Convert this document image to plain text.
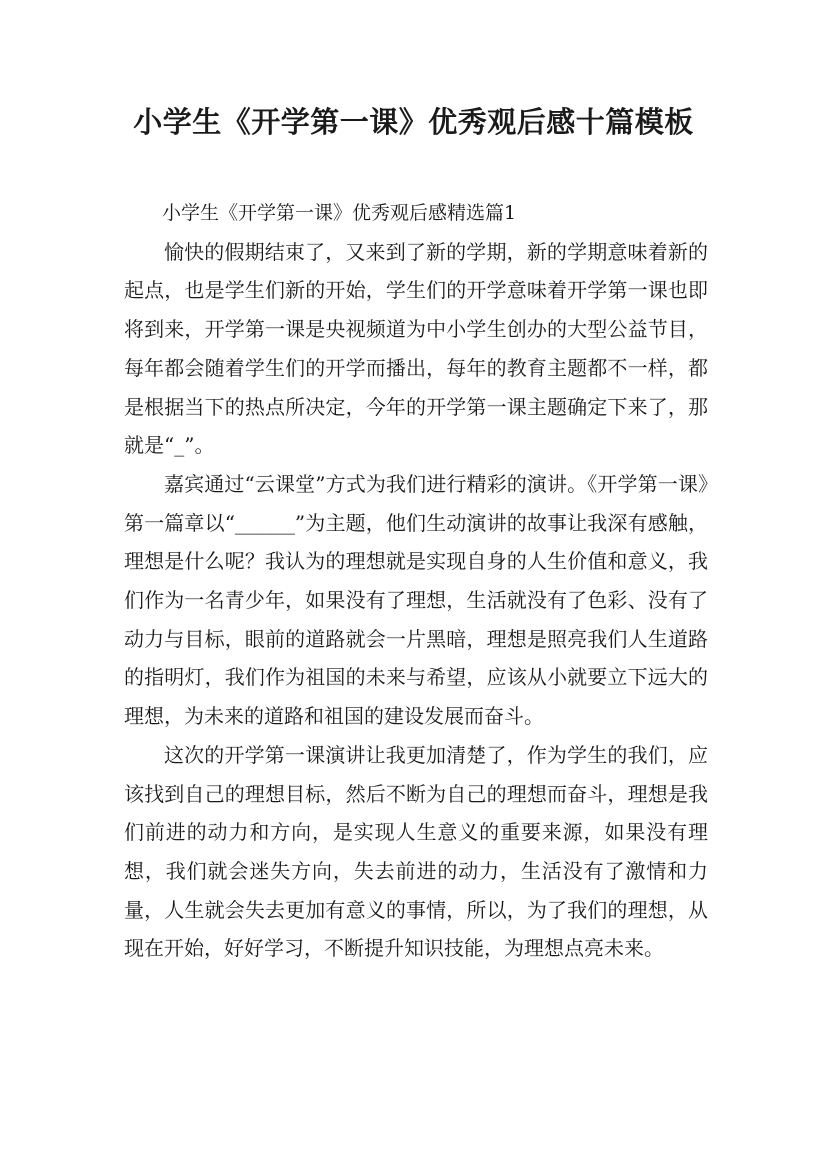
小学生《开学第一课》优秀观后感十篇模板

小学生《开学第一课》优秀观后感精选篇1

愉快的假期结束了，又来到了新的学期，新的学期意味着新的起点，也是学生们新的开始，学生们的开学意味着开学第一课也即将到来，开学第一课是央视频道为中小学生创办的大型公益节目，每年都会随着学生们的开学而播出，每年的教育主题都不一样，都是根据当下的热点所决定，今年的开学第一课主题确定下来了，那就是“_”。

嘉宾通过“云课堂”方式为我们进行精彩的演讲。《开学第一课》第一篇章以“______”为主题，他们生动演讲的故事让我深有感触，理想是什么呢？我认为的理想就是实现自身的人生价值和意义，我们作为一名青少年，如果没有了理想，生活就没有了色彩、没有了动力与目标，眼前的道路就会一片黑暗，理想是照亮我们人生道路的指明灯，我们作为祖国的未来与希望，应该从小就要立下远大的理想，为未来的道路和祖国的建设发展而奋斗。

这次的开学第一课演讲让我更加清楚了，作为学生的我们，应该找到自己的理想目标，然后不断为自己的理想而奋斗，理想是我们前进的动力和方向，是实现人生意义的重要来源，如果没有理想，我们就会迷失方向，失去前进的动力，生活没有了激情和力量，人生就会失去更加有意义的事情，所以，为了我们的理想，从现在开始，好好学习，不断提升知识技能，为理想点亮未来。
